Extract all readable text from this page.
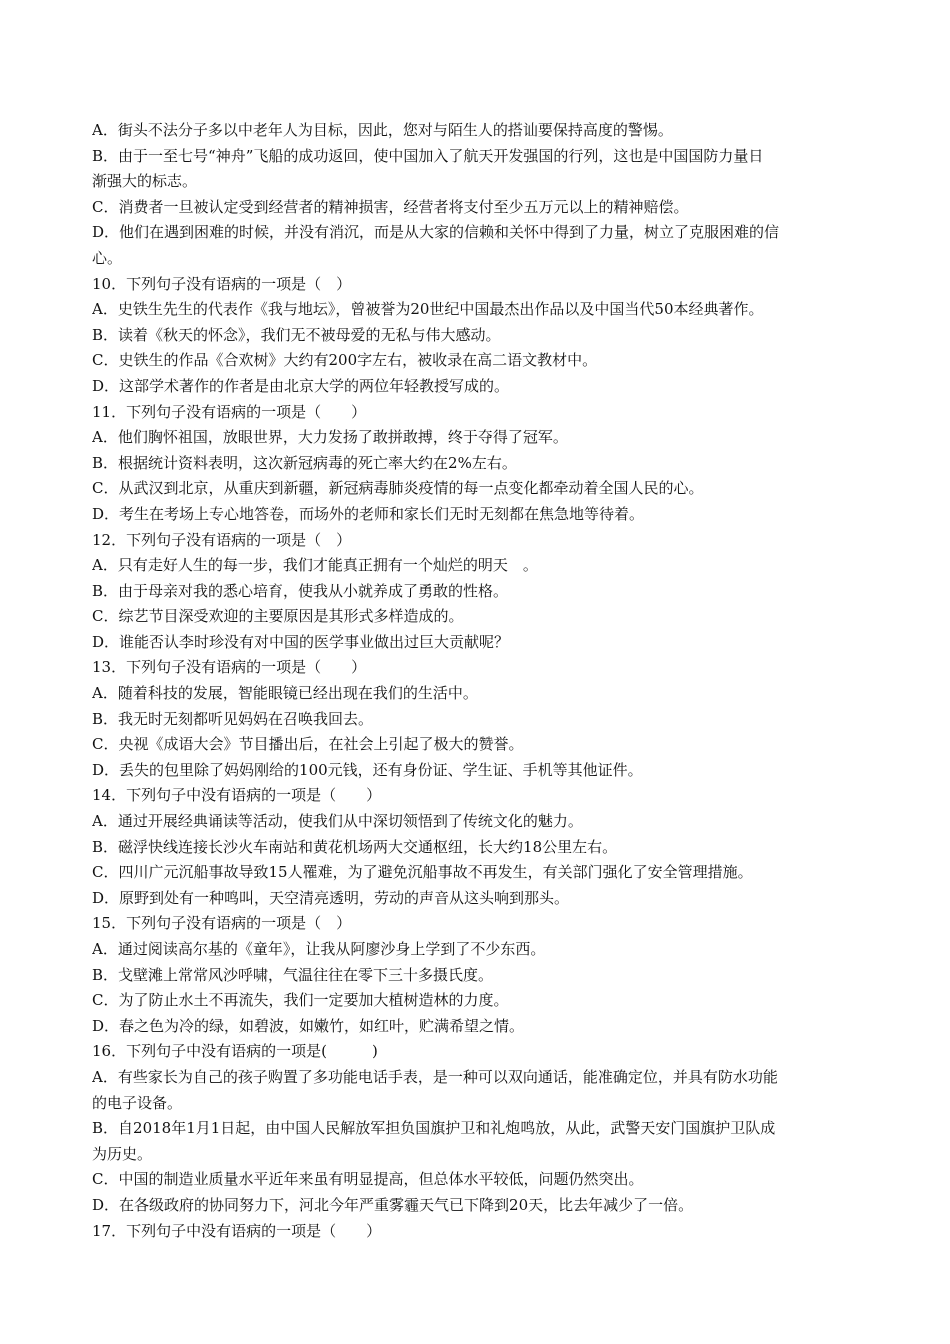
A．街头不法分子多以中老年人为目标，因此，您对与陌生人的搭讪要保持高度的警惕。
B．由于一至七号“神舟”飞船的成功返回，使中国加入了航天开发强国的行列，这也是中国国防力量日
渐强大的标志。
C．消费者一旦被认定受到经营者的精神损害，经营者将支付至少五万元以上的精神赔偿。
D．他们在遇到困难的时候，并没有消沉，而是从大家的信赖和关怀中得到了力量，树立了克服困难的信
心。
10．下列句子没有语病的一项是（　）
A．史铁生先生的代表作《我与地坛》，曾被誉为20世纪中国最杰出作品以及中国当代50本经典著作。
B．读着《秋天的怀念》，我们无不被母爱的无私与伟大感动。
C．史铁生的作品《合欢树》大约有200字左右，被收录在高二语文教材中。
D．这部学术著作的作者是由北京大学的两位年轻教授写成的。
11．下列句子没有语病的一项是（　　）
A．他们胸怀祖国，放眼世界，大力发扬了敢拼敢搏，终于夺得了冠军。
B．根据统计资料表明，这次新冠病毒的死亡率大约在2%左右。
C．从武汉到北京，从重庆到新疆，新冠病毒肺炎疫情的每一点变化都牵动着全国人民的心。
D．考生在考场上专心地答卷，而场外的老师和家长们无时无刻都在焦急地等待着。
12．下列句子没有语病的一项是（　）
A．只有走好人生的每一步，我们才能真正拥有一个灿烂的明天　。
B．由于母亲对我的悉心培育，使我从小就养成了勇敢的性格。
C．综艺节目深受欢迎的主要原因是其形式多样造成的。
D．谁能否认李时珍没有对中国的医学事业做出过巨大贡献呢？
13．下列句子没有语病的一项是（　　）
A．随着科技的发展，智能眼镜已经出现在我们的生活中。
B．我无时无刻都听见妈妈在召唤我回去。
C．央视《成语大会》节目播出后，在社会上引起了极大的赞誉。
D．丢失的包里除了妈妈刚给的100元钱，还有身份证、学生证、手机等其他证件。
14．下列句子中没有语病的一项是（　　）
A．通过开展经典诵读等活动，使我们从中深切领悟到了传统文化的魅力。
B．磁浮快线连接长沙火车南站和黄花机场两大交通枢纽，长大约18公里左右。
C．四川广元沉船事故导致15人罹难，为了避免沉船事故不再发生，有关部门强化了安全管理措施。
D．原野到处有一种鸣叫，天空清亮透明，劳动的声音从这头响到那头。
15．下列句子没有语病的一项是（　）
A．通过阅读高尔基的《童年》，让我从阿廖沙身上学到了不少东西。
B．戈壁滩上常常风沙呼啸，气温往往在零下三十多摄氏度。
C．为了防止水土不再流失，我们一定要加大植树造林的力度。
D．春之色为冷的绿，如碧波，如嫩竹，如红叶，贮满希望之情。
16．下列句子中没有语病的一项是(　　　)
A．有些家长为自己的孩子购置了多功能电话手表，是一种可以双向通话，能准确定位，并具有防水功能
的电子设备。
B．自2018年1月1日起，由中国人民解放军担负国旗护卫和礼炮鸣放，从此，武警天安门国旗护卫队成
为历史。
C．中国的制造业质量水平近年来虽有明显提高，但总体水平较低，问题仍然突出。
D．在各级政府的协同努力下，河北今年严重雾霾天气已下降到20天，比去年减少了一倍。
17．下列句子中没有语病的一项是（　　）
